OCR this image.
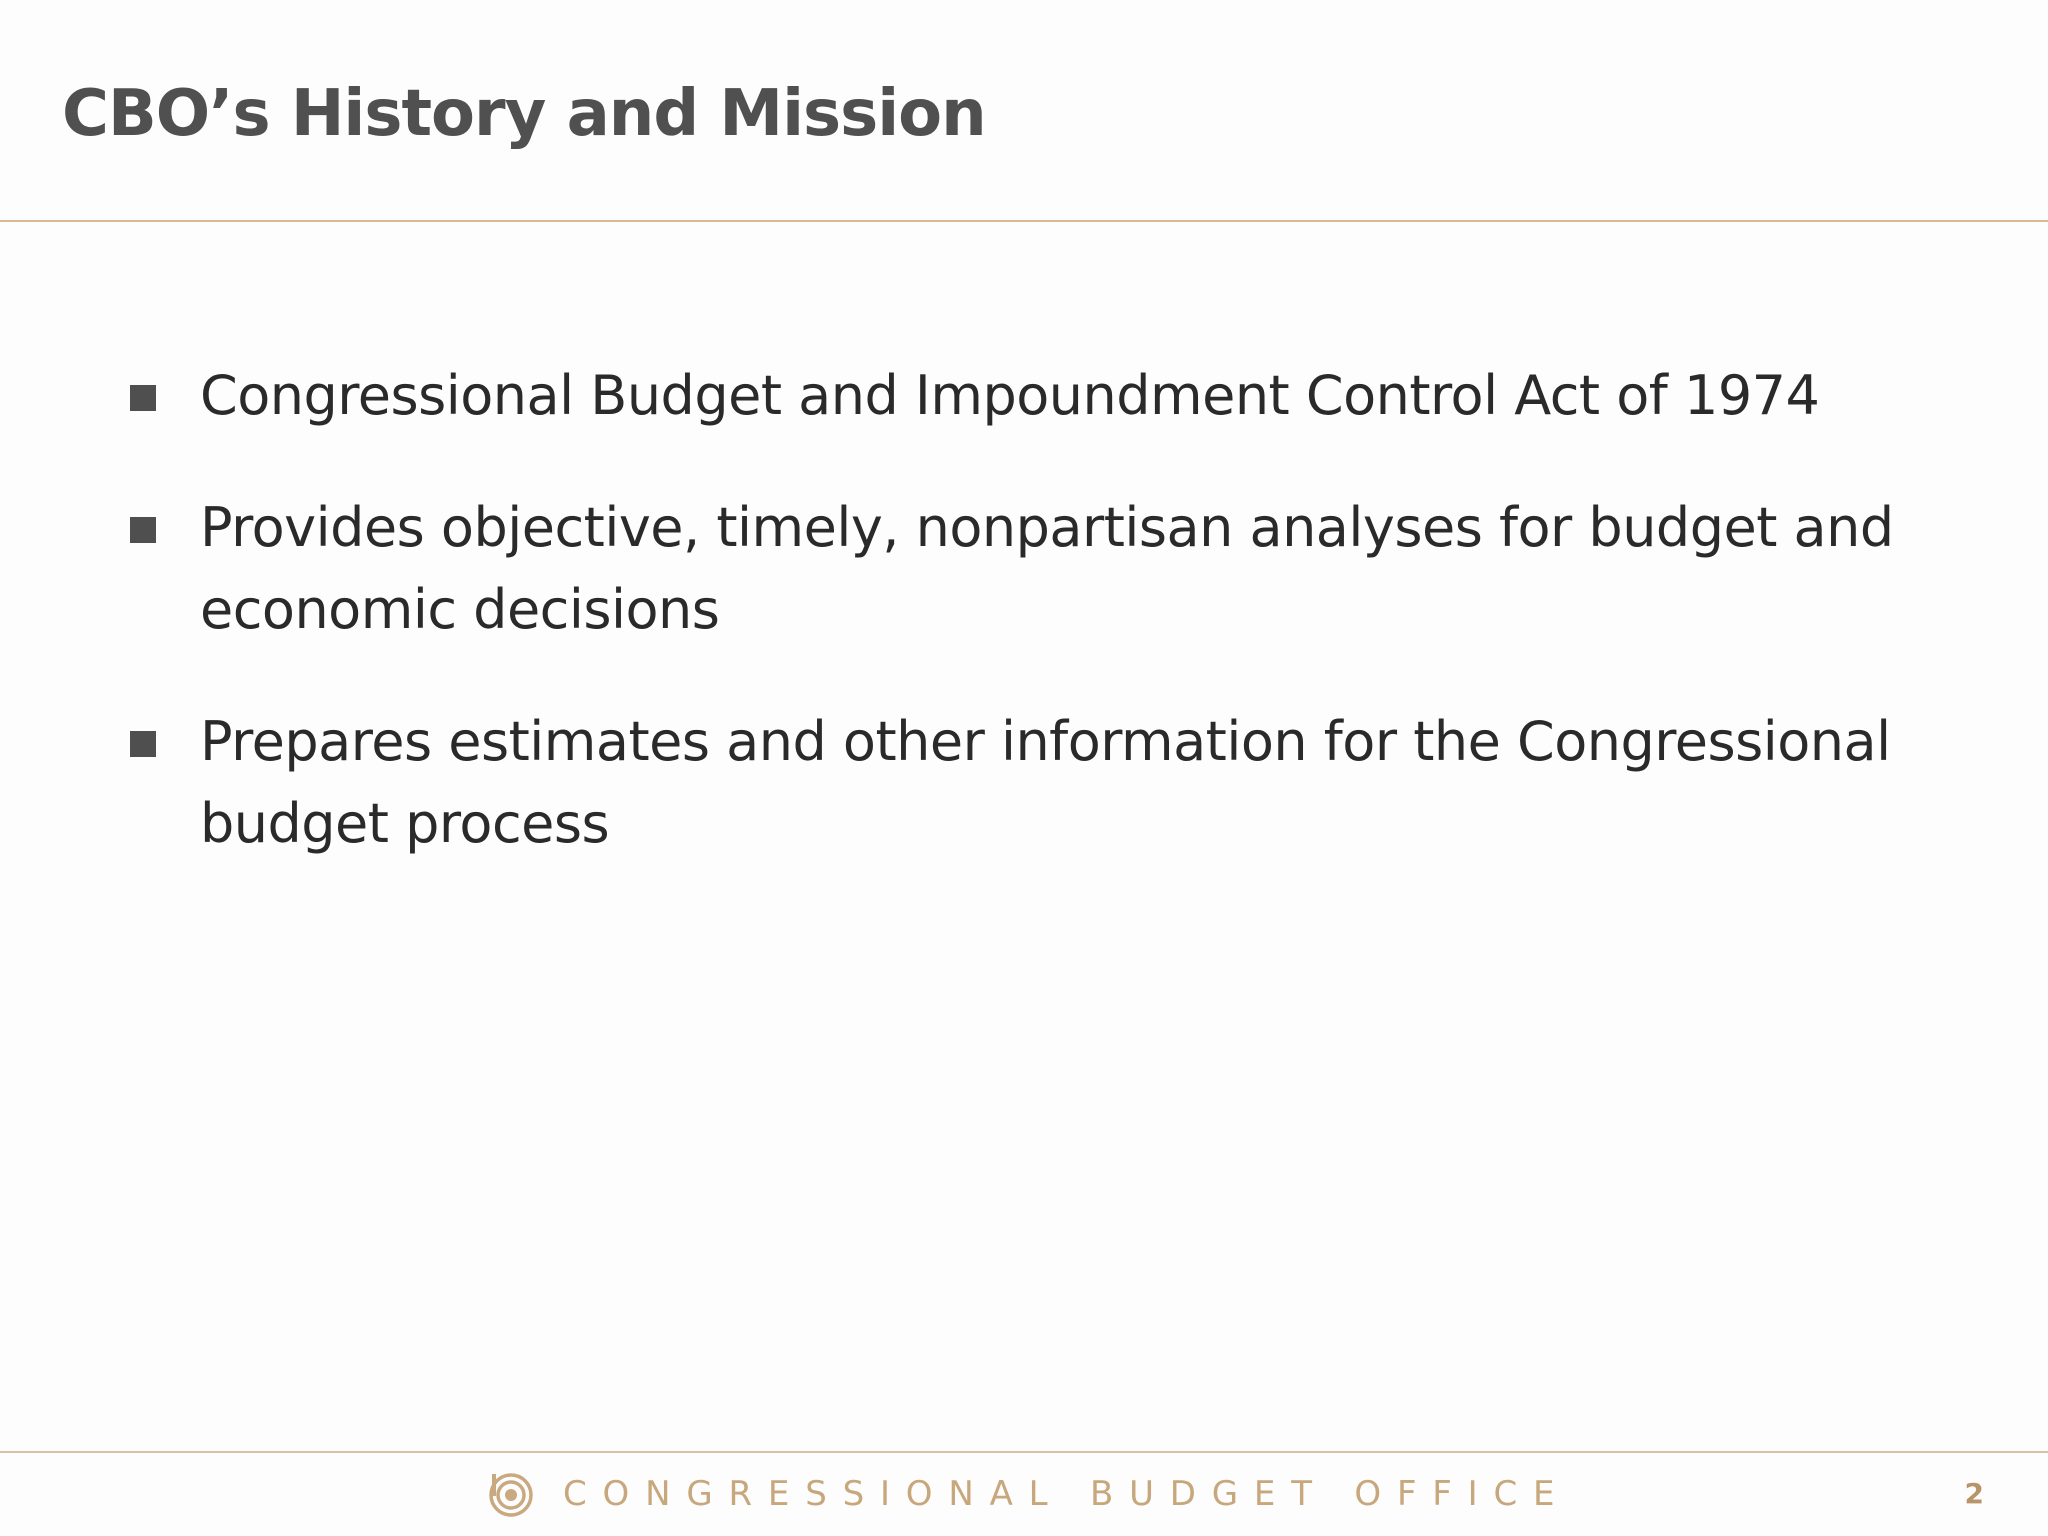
CBO’s History and Mission
Congressional Budget and Impoundment Control Act of 1974
Provides objective, timely, nonpartisan analyses for budget and economic decisions
Prepares estimates and other information for the Congressional budget process
CONGRESSIONAL BUDGET OFFICE	2
